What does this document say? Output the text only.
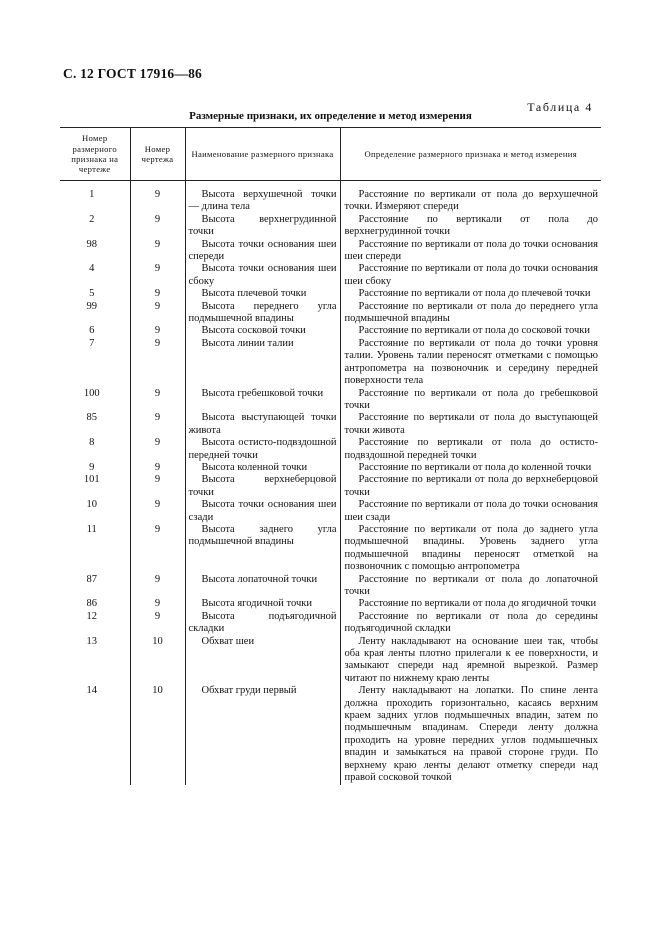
С. 12 ГОСТ 17916—86
Таблица 4
Размерные признаки, их определение и метод измерения
Номер размерного признака на чертеже	Номер чертежа	Наименование размерного признака	Определение размерного признака и метод измерения
1	9	Высота верхушечной точки — длина тела	Расстояние по вертикали от пола до верхушечной точки. Измеряют спереди
2	9	Высота верхнегрудинной точки	Расстояние по вертикали от пола до верхнегрудинной точки
98	9	Высота точки основания шеи спереди	Расстояние по вертикали от пола до точки основания шеи спереди
4	9	Высота точки основания шеи сбоку	Расстояние по вертикали от пола до точки основания шеи сбоку
5	9	Высота плечевой точки	Расстояние по вертикали от пола до плечевой точки
99	9	Высота переднего угла подмышечной впадины	Расстояние по вертикали от пола до переднего угла подмышечной впадины
6	9	Высота сосковой точки	Расстояние по вертикали от пола до сосковой точки
7	9	Высота линии талии	Расстояние по вертикали от пола до точки уровня талии. Уровень талии переносят отметками с помощью антропометра на позвоночник и середину передней поверхности тела
100	9	Высота гребешковой точки	Расстояние по вертикали от пола до гребешковой точки
85	9	Высота выступающей точки живота	Расстояние по вертикали от пола до выступающей точки живота
8	9	Высота остисто-подвздошной передней точки	Расстояние по вертикали от пола до остисто-подвздошной передней точки
9	9	Высота коленной точки	Расстояние по вертикали от пола до коленной точки
101	9	Высота верхнеберцовой точки	Расстояние по вертикали от пола до верхнеберцовой точки
10	9	Высота точки основания шеи сзади	Расстояние по вертикали от пола до точки основания шеи сзади
11	9	Высота заднего угла подмышечной впадины	Расстояние по вертикали от пола до заднего угла подмышечной впадины. Уровень заднего угла подмышечной впадины переносят отметкой на позвоночник с помощью антропометра
87	9	Высота лопаточной точки	Расстояние по вертикали от пола до лопаточной точки
86	9	Высота ягодичной точки	Расстояние по вертикали от пола до ягодичной точки
12	9	Высота подъягодичной складки	Расстояние по вертикали от пола до середины подъягодичной складки
13	10	Обхват шеи	Ленту накладывают на основание шеи так, чтобы оба края ленты плотно прилегали к ее поверхности, и замыкают спереди над яремной вырезкой. Размер читают по нижнему краю ленты
14	10	Обхват груди первый	Ленту накладывают на лопатки. По спине лента должна проходить горизонтально, касаясь верхним краем задних углов подмышечных впадин, затем по подмышечным впадинам. Спереди ленту должна проходить на уровне передних углов подмышечных впадин и замыкаться на правой стороне груди. По верхнему краю ленты делают отметку спереди над правой сосковой точкой
